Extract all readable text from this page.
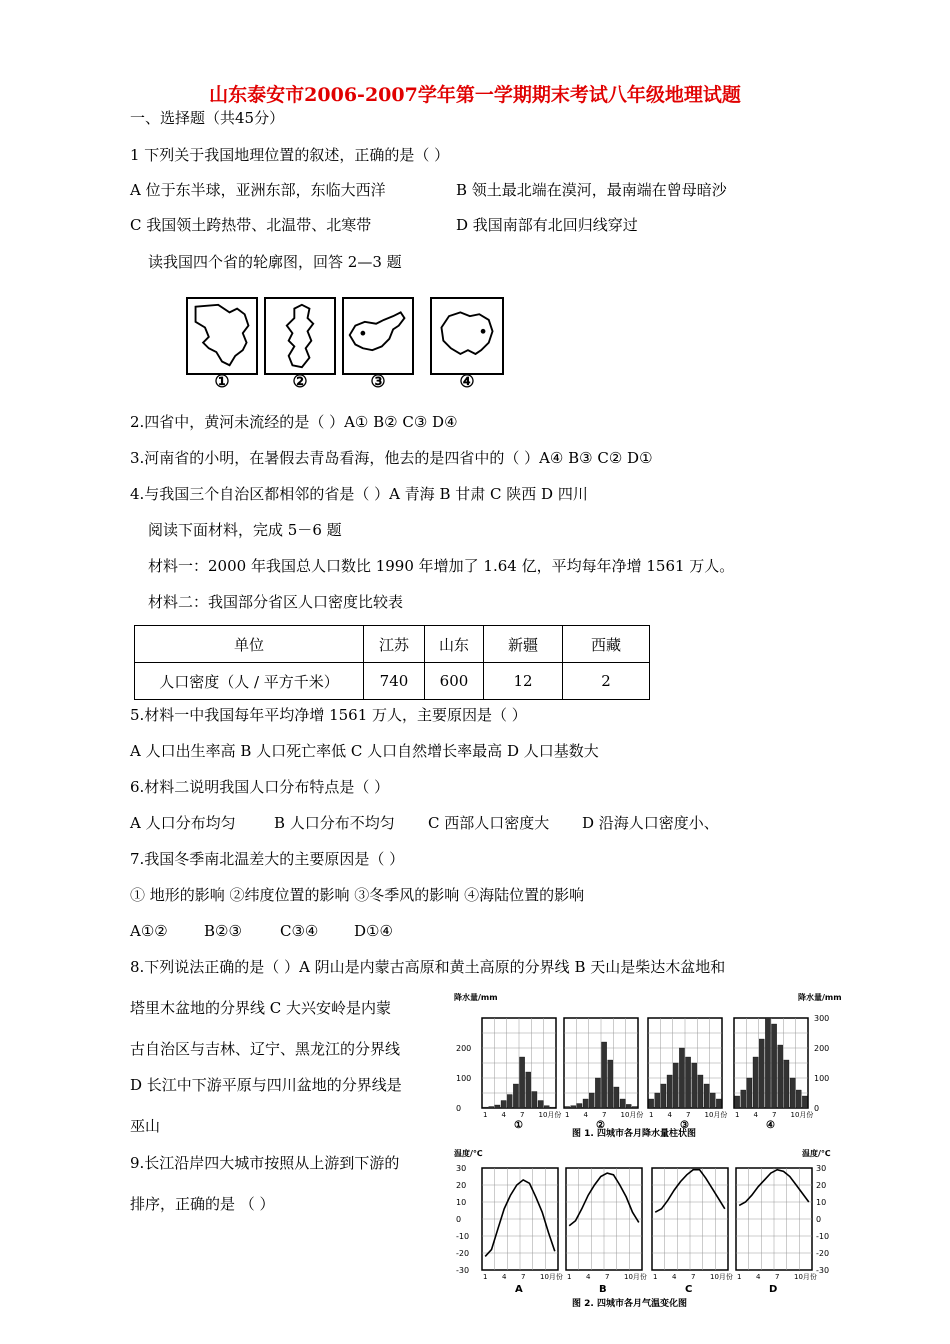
山东泰安市2006-2007学年第一学期期末考试八年级地理试题
一、选择题（共45分）
1 下列关于我国地理位置的叙述，正确的是（ ）
A 位于东半球，亚洲东部，东临大西洋	B 领土最北端在漠河，最南端在曾母暗沙
C 我国领土跨热带、北温带、北寒带	D 我国南部有北回归线穿过
读我国四个省的轮廓图，回答 2—3 题
①	②	③	④
2.四省中，黄河未流经的是（ ）A① B② C③ D④
3.河南省的小明，在暑假去青岛看海，他去的是四省中的（ ）A④ B③ C② D①
4.与我国三个自治区都相邻的省是（ ）A 青海 B 甘肃 C 陕西 D 四川
阅读下面材料，完成 5－6 题
材料一：2000 年我国总人口数比 1990 年增加了 1.64 亿，平均每年净增 1561 万人。
材料二：我国部分省区人口密度比较表
单位	江苏	山东	新疆	西藏
人口密度（人 / 平方千米）	740	600	12	2
5.材料一中我国每年平均净增 1561 万人，主要原因是（ ）
A 人口出生率高 B 人口死亡率低 C 人口自然增长率最高 D 人口基数大
6.材料二说明我国人口分布特点是（ ）
A 人口分布均匀	B 人口分布不均匀 C 西部人口密度大 D 沿海人口密度小、
7.我国冬季南北温差大的主要原因是（ ）
① 地形的影响 ②纬度位置的影响 ③冬季风的影响 ④海陆位置的影响
A①② B②③	C③④ D①④
8.下列说法正确的是（ ）A 阴山是内蒙古高原和黄土高原的分界线 B 天山是柴达木盆地和
塔里木盆地的分界线 C 大兴安岭是内蒙
古自治区与吉林、辽宁、黑龙江的分界线
D 长江中下游平原与四川盆地的分界线是
巫山
9.长江沿岸四大城市按照从上游到下游的
排序，正确的是 （ ）
降水量/mm	降水量/mm
200
100
0
300
200
100
0
1 4 7 10月份
①
1 4 7 10月份
②
1 4 7 10月份
③
1 4 7 10月份
④
图 1. 四城市各月降水量柱状图
温度/℃	温度/℃
30	30
20	20
10	10
0	0
-10	-10
-20	-20
-30	-30
1 4 7 10月份
A
1 4 7 10月份
B
1 4 7 10月份
C
1 4 7 10月份
D
图 2. 四城市各月气温变化图
